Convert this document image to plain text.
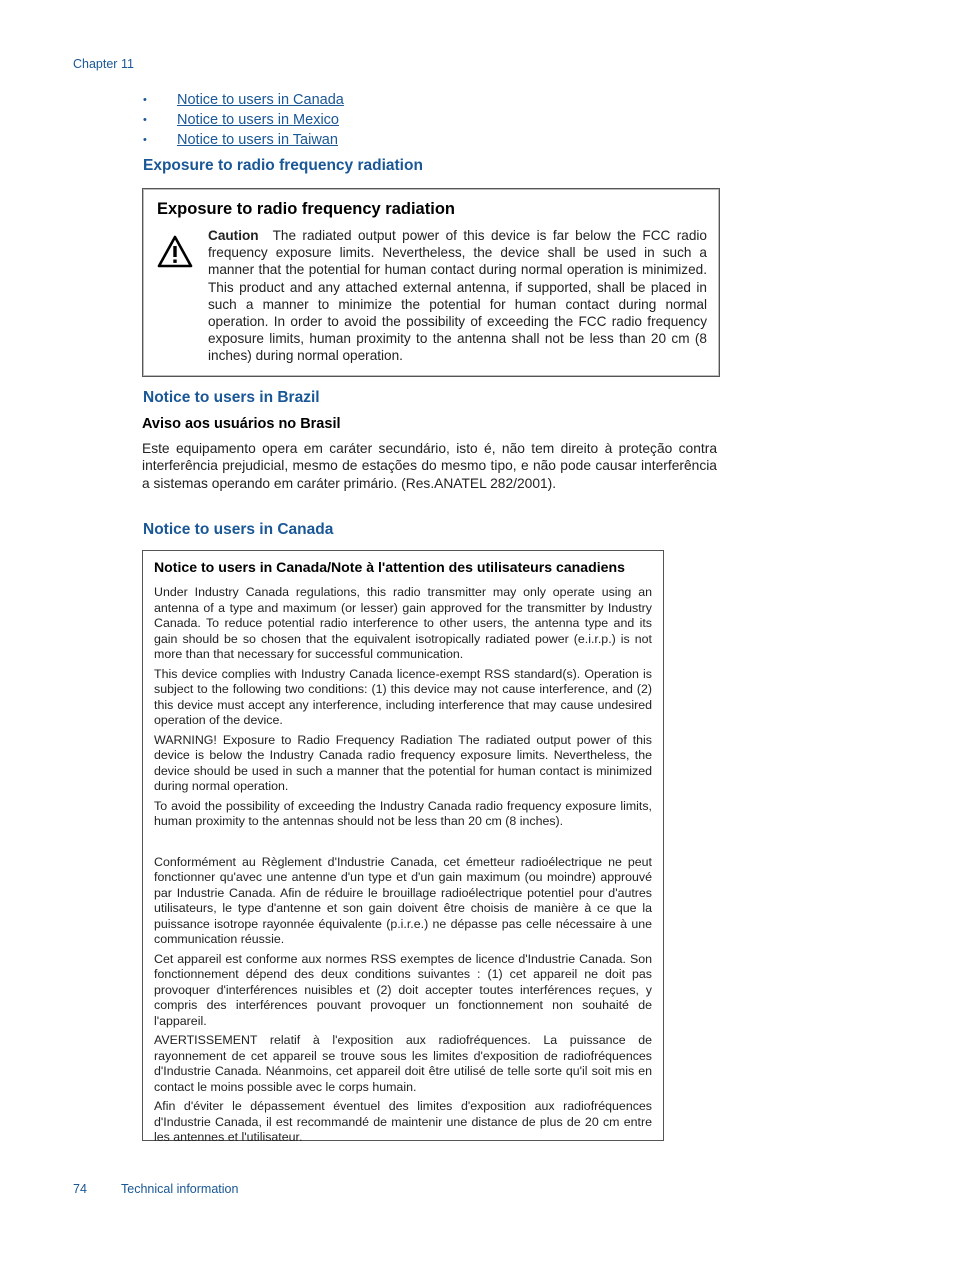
Chapter 11
•	Notice to users in Canada
•	Notice to users in Mexico
•	Notice to users in Taiwan
Exposure to radio frequency radiation
Exposure to radio frequency radiation
Caution The radiated output power of this device is far below the FCC radio frequency exposure limits. Nevertheless, the device shall be used in such a manner that the potential for human contact during normal operation is minimized. This product and any attached external antenna, if supported, shall be placed in such a manner to minimize the potential for human contact during normal operation. In order to avoid the possibility of exceeding the FCC radio frequency exposure limits, human proximity to the antenna shall not be less than 20 cm (8 inches) during normal operation.
Notice to users in Brazil
Aviso aos usuários no Brasil
Este equipamento opera em caráter secundário, isto é, não tem direito à proteção contra interferência prejudicial, mesmo de estações do mesmo tipo, e não pode causar interferência a sistemas operando em caráter primário. (Res.ANATEL 282/2001).
Notice to users in Canada
Notice to users in Canada/Note à l'attention des utilisateurs canadiens

Under Industry Canada regulations, this radio transmitter may only operate using an antenna of a type and maximum (or lesser) gain approved for the transmitter by Industry Canada. To reduce potential radio interference to other users, the antenna type and its gain should be so chosen that the equivalent isotropically radiated power (e.i.r.p.) is not more than that necessary for successful communication.

This device complies with Industry Canada licence-exempt RSS standard(s). Operation is subject to the following two conditions: (1) this device may not cause interference, and (2) this device must accept any interference, including interference that may cause undesired operation of the device.

WARNING! Exposure to Radio Frequency Radiation The radiated output power of this device is below the Industry Canada radio frequency exposure limits. Nevertheless, the device should be used in such a manner that the potential for human contact is minimized during normal operation.

To avoid the possibility of exceeding the Industry Canada radio frequency exposure limits, human proximity to the antennas should not be less than 20 cm (8 inches).

Conformément au Règlement d'Industrie Canada, cet émetteur radioélectrique ne peut fonctionner qu'avec une antenne d'un type et d'un gain maximum (ou moindre) approuvé par Industrie Canada. Afin de réduire le brouillage radioélectrique potentiel pour d'autres utilisateurs, le type d'antenne et son gain doivent être choisis de manière à ce que la puissance isotrope rayonnée équivalente (p.i.r.e.) ne dépasse pas celle nécessaire à une communication réussie.

Cet appareil est conforme aux normes RSS exemptes de licence d'Industrie Canada. Son fonctionnement dépend des deux conditions suivantes : (1) cet appareil ne doit pas provoquer d'interférences nuisibles et (2) doit accepter toutes interférences reçues, y compris des interférences pouvant provoquer un fonctionnement non souhaité de l'appareil.

AVERTISSEMENT relatif à l'exposition aux radiofréquences. La puissance de rayonnement de cet appareil se trouve sous les limites d'exposition de radiofréquences d'Industrie Canada. Néanmoins, cet appareil doit être utilisé de telle sorte qu'il soit mis en contact le moins possible avec le corps humain.

Afin d'éviter le dépassement éventuel des limites d'exposition aux radiofréquences d'Industrie Canada, il est recommandé de maintenir une distance de plus de 20 cm entre les antennes et l'utilisateur.

74	Technical information
